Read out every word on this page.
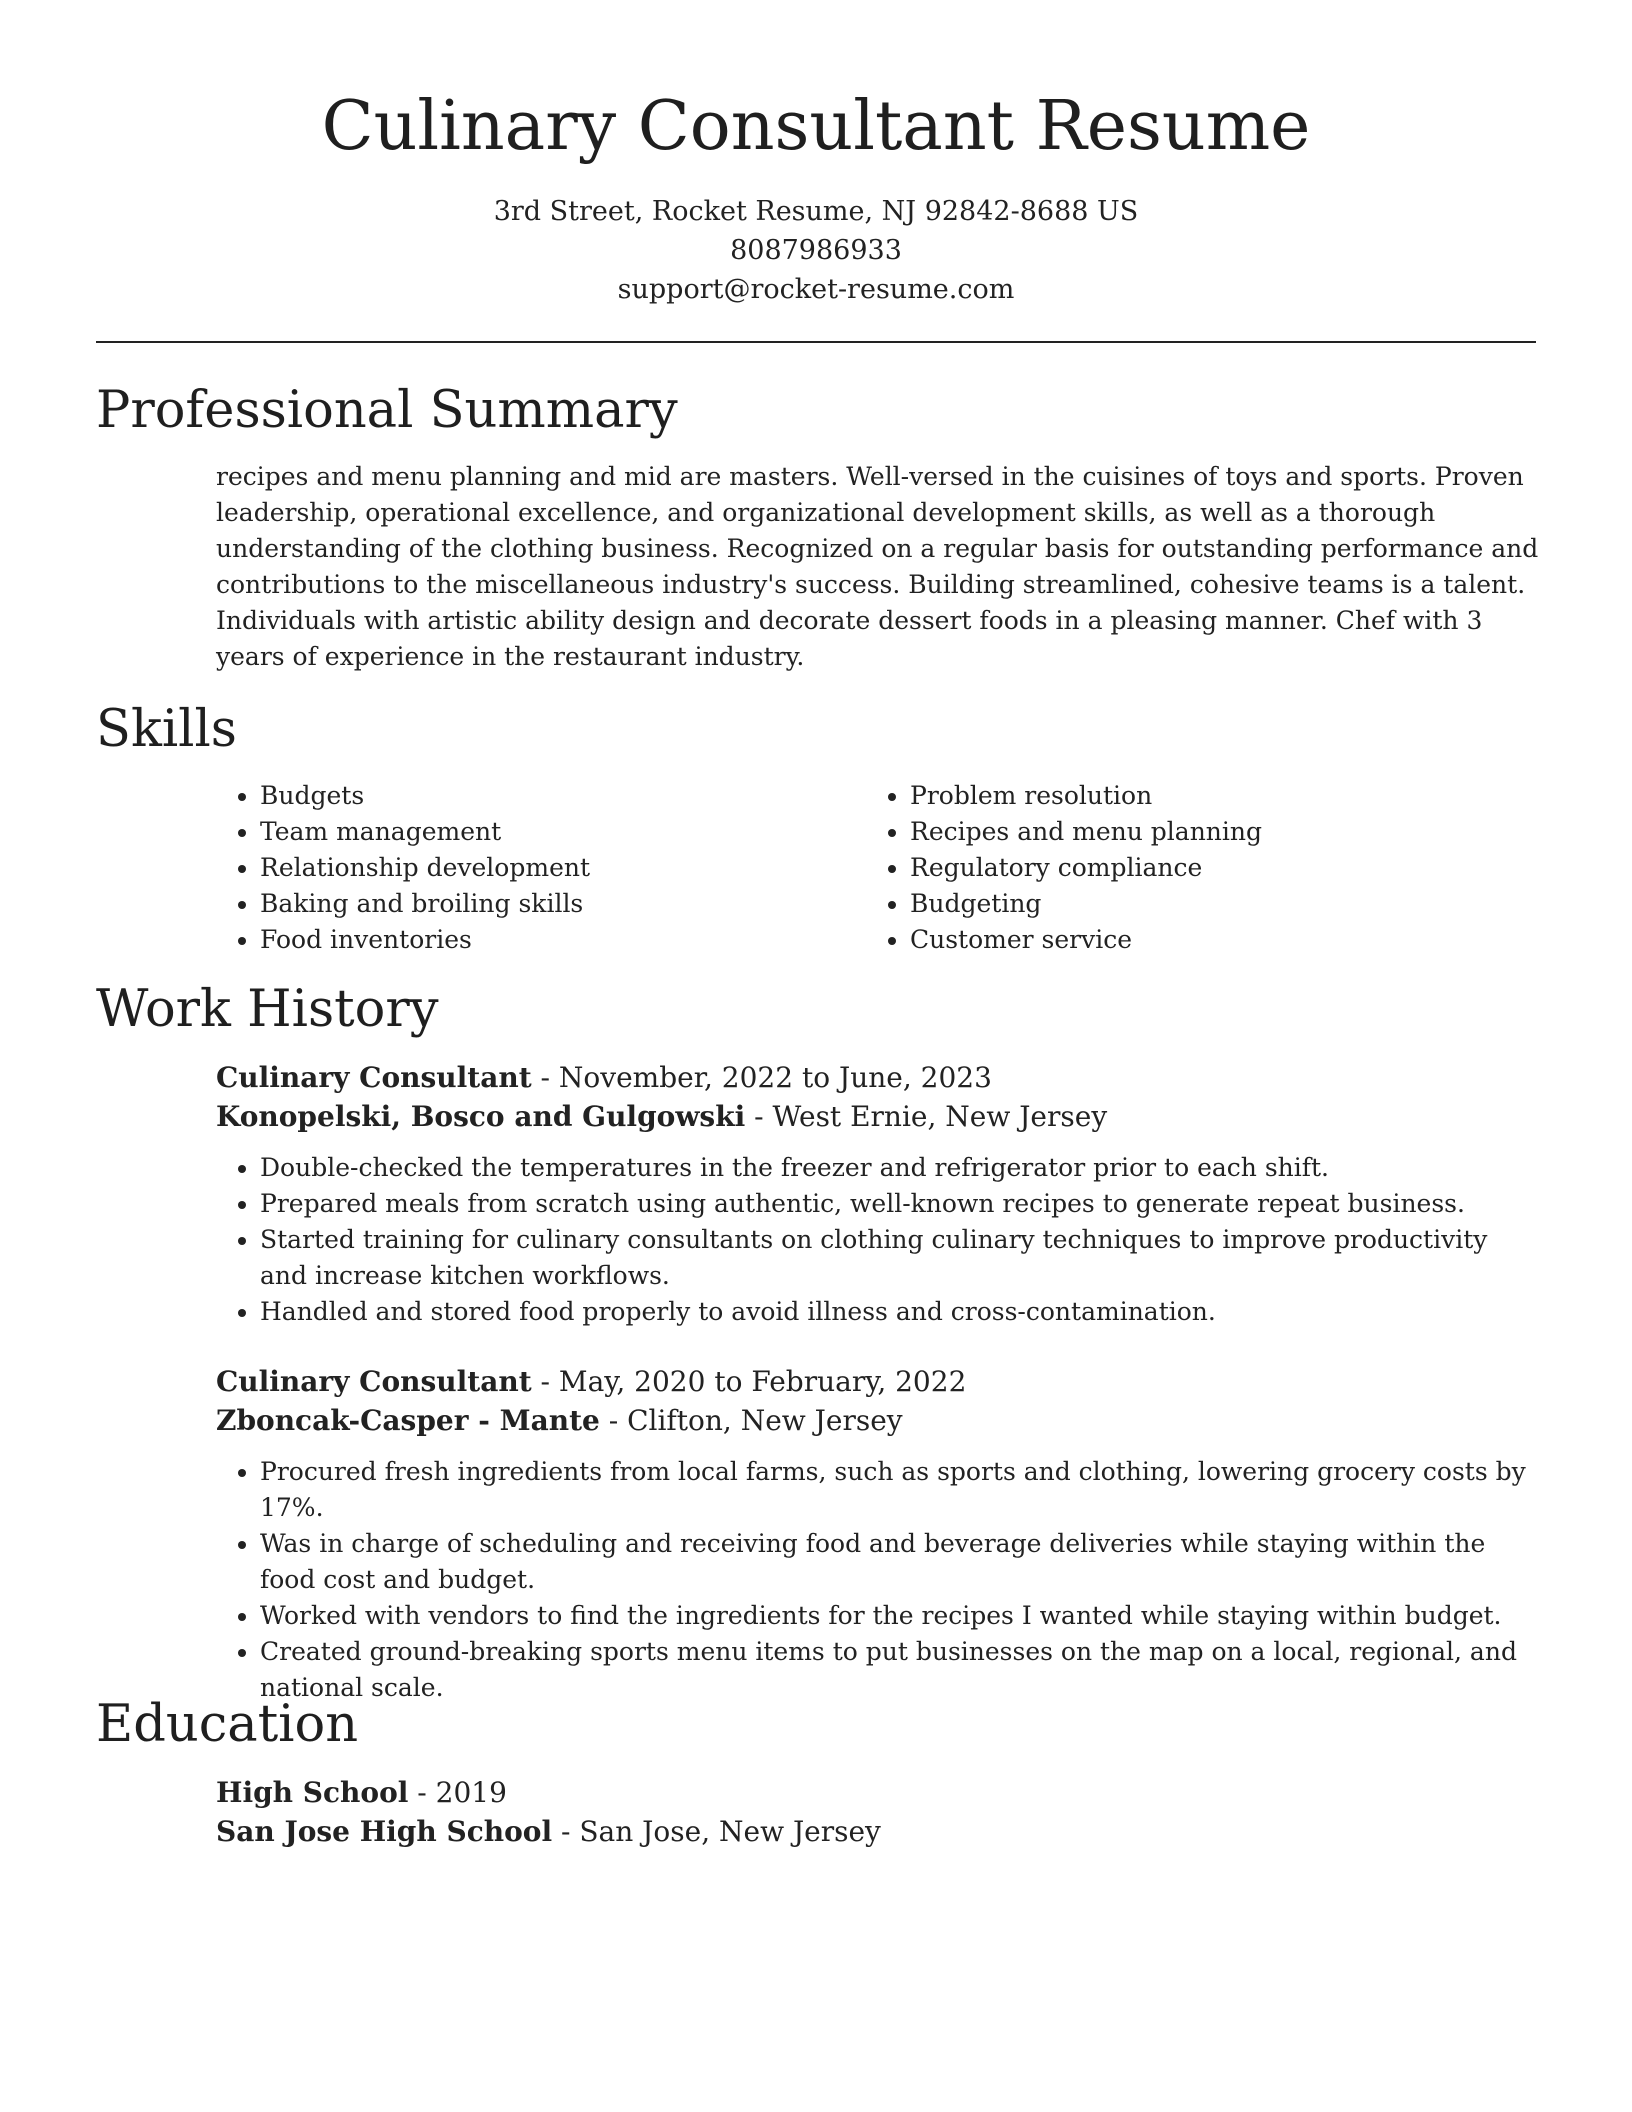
Culinary Consultant Resume
3rd Street, Rocket Resume, NJ 92842-8688 US
8087986933
support@rocket-resume.com
Professional Summary
recipes and menu planning and mid are masters. Well-versed in the cuisines of toys and sports. Proven leadership, operational excellence, and organizational development skills, as well as a thorough understanding of the clothing business. Recognized on a regular basis for outstanding performance and contributions to the miscellaneous industry's success. Building streamlined, cohesive teams is a talent. Individuals with artistic ability design and decorate dessert foods in a pleasing manner. Chef with 3 years of experience in the restaurant industry.
Skills
• Budgets
• Team management
• Relationship development
• Baking and broiling skills
• Food inventories
• Problem resolution
• Recipes and menu planning
• Regulatory compliance
• Budgeting
• Customer service
Work History
Culinary Consultant - November, 2022 to June, 2023
Konopelski, Bosco and Gulgowski - West Ernie, New Jersey
• Double-checked the temperatures in the freezer and refrigerator prior to each shift.
• Prepared meals from scratch using authentic, well-known recipes to generate repeat business.
• Started training for culinary consultants on clothing culinary techniques to improve productivity and increase kitchen workflows.
• Handled and stored food properly to avoid illness and cross-contamination.
Culinary Consultant - May, 2020 to February, 2022
Zboncak-Casper - Mante - Clifton, New Jersey
• Procured fresh ingredients from local farms, such as sports and clothing, lowering grocery costs by 17%.
• Was in charge of scheduling and receiving food and beverage deliveries while staying within the food cost and budget.
• Worked with vendors to find the ingredients for the recipes I wanted while staying within budget.
• Created ground-breaking sports menu items to put businesses on the map on a local, regional, and national scale.
Education
High School - 2019
San Jose High School - San Jose, New Jersey
